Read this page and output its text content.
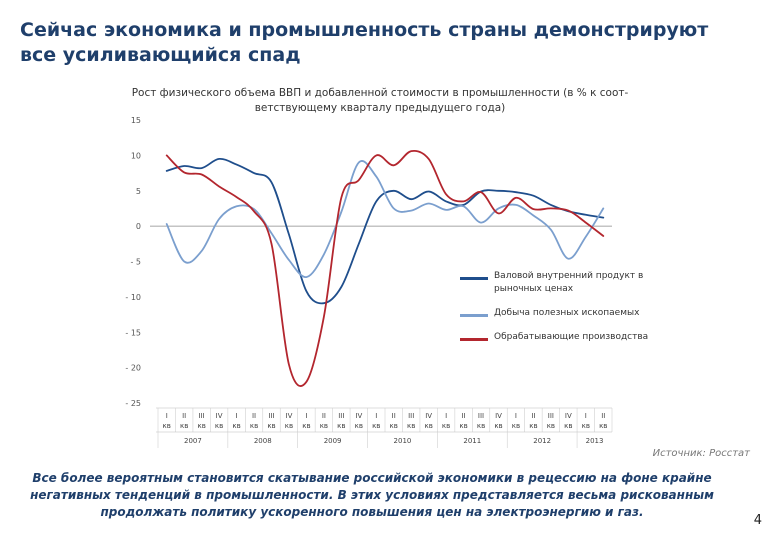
Сейчас экономика и промышленность страны демонстрируют все усиливающийся спад
Рост физического объема ВВП и добавленной стоимости в промышленности (в % к соот-ветствующему кварталу предыдущего года)
15
10
5
0
- 5
- 10
- 15
- 20
- 25
I кв
II кв
III кв
IV кв
I кв
II кв
III кв
IV кв
I кв
II кв
III кв
IV кв
I кв
II кв
III кв
IV кв
I кв
II кв
III кв
IV кв
I кв
II кв
III кв
IV кв
I кв
II кв
2007	2008	2009	2010	2011	2012	2013
Валовой внутренний продукт в рыночных ценах
Добыча полезных ископаемых
Обрабатывающие производства
Источник: Росстат
Все более вероятным становится скатывание российской экономики в рецессию на фоне крайне негативных тенденций в промышленности. В этих условиях представляется весьма рискованным продолжать политику ускоренного повышения цен на электроэнергию и газ.
4
